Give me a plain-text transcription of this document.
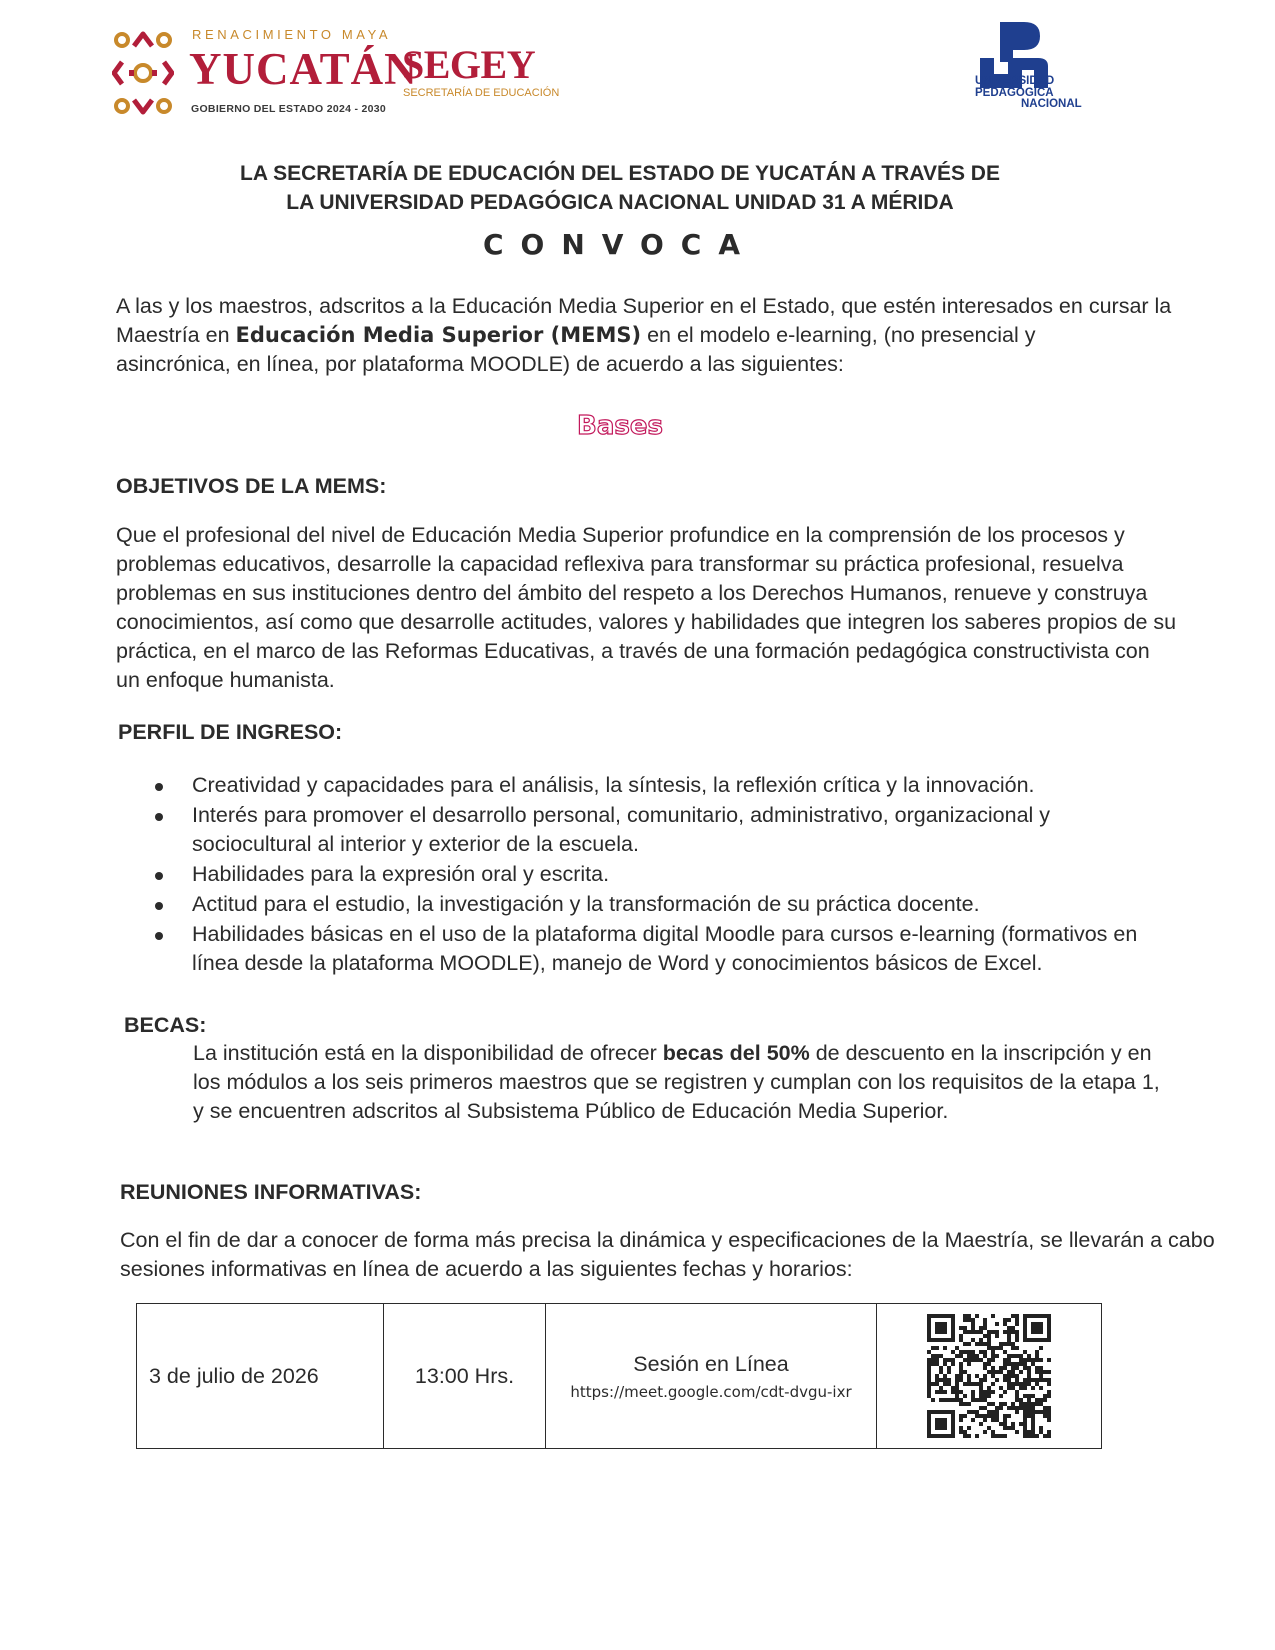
RENACIMIENTO MAYA
YUCATÁN
GOBIERNO DEL ESTADO 2024 - 2030
SEGEY
SECRETARÍA DE EDUCACIÓN
UNIVERSIDAD
PEDAGÓGICA
NACIONAL
LA SECRETARÍA DE EDUCACIÓN DEL ESTADO DE YUCATÁN A TRAVÉS DE
LA UNIVERSIDAD PEDAGÓGICA NACIONAL UNIDAD 31 A MÉRIDA
CONVOCA
A las y los maestros, adscritos a la Educación Media Superior en el Estado, que estén interesados en cursar la
Maestría en Educación Media Superior (MEMS) en el modelo e-learning, (no presencial y
asincrónica, en línea, por plataforma MOODLE) de acuerdo a las siguientes:
Bases
OBJETIVOS DE LA MEMS:
Que el profesional del nivel de Educación Media Superior profundice en la comprensión de los procesos y
problemas educativos, desarrolle la capacidad reflexiva para transformar su práctica profesional, resuelva
problemas en sus instituciones dentro del ámbito del respeto a los Derechos Humanos, renueve y construya
conocimientos, así como que desarrolle actitudes, valores y habilidades que integren los saberes propios de su
práctica, en el marco de las Reformas Educativas, a través de una formación pedagógica constructivista con
un enfoque humanista.
PERFIL DE INGRESO:
Creatividad y capacidades para el análisis, la síntesis, la reflexión crítica y la innovación.
Interés para promover el desarrollo personal, comunitario, administrativo, organizacional y
sociocultural al interior y exterior de la escuela.
Habilidades para la expresión oral y escrita.
Actitud para el estudio, la investigación y la transformación de su práctica docente.
Habilidades básicas en el uso de la plataforma digital Moodle para cursos e-learning (formativos en
línea desde la plataforma MOODLE), manejo de Word y conocimientos básicos de Excel.
BECAS:
La institución está en la disponibilidad de ofrecer becas del 50% de descuento en la inscripción y en
los módulos a los seis primeros maestros que se registren y cumplan con los requisitos de la etapa 1,
y se encuentren adscritos al Subsistema Público de Educación Media Superior.
REUNIONES INFORMATIVAS:
Con el fin de dar a conocer de forma más precisa la dinámica y especificaciones de la Maestría, se llevarán a cabo
sesiones informativas en línea de acuerdo a las siguientes fechas y horarios:
3 de julio de 2026	13:00 Hrs.	Sesión en Línea
https://meet.google.com/cdt-dvgu-ixr
